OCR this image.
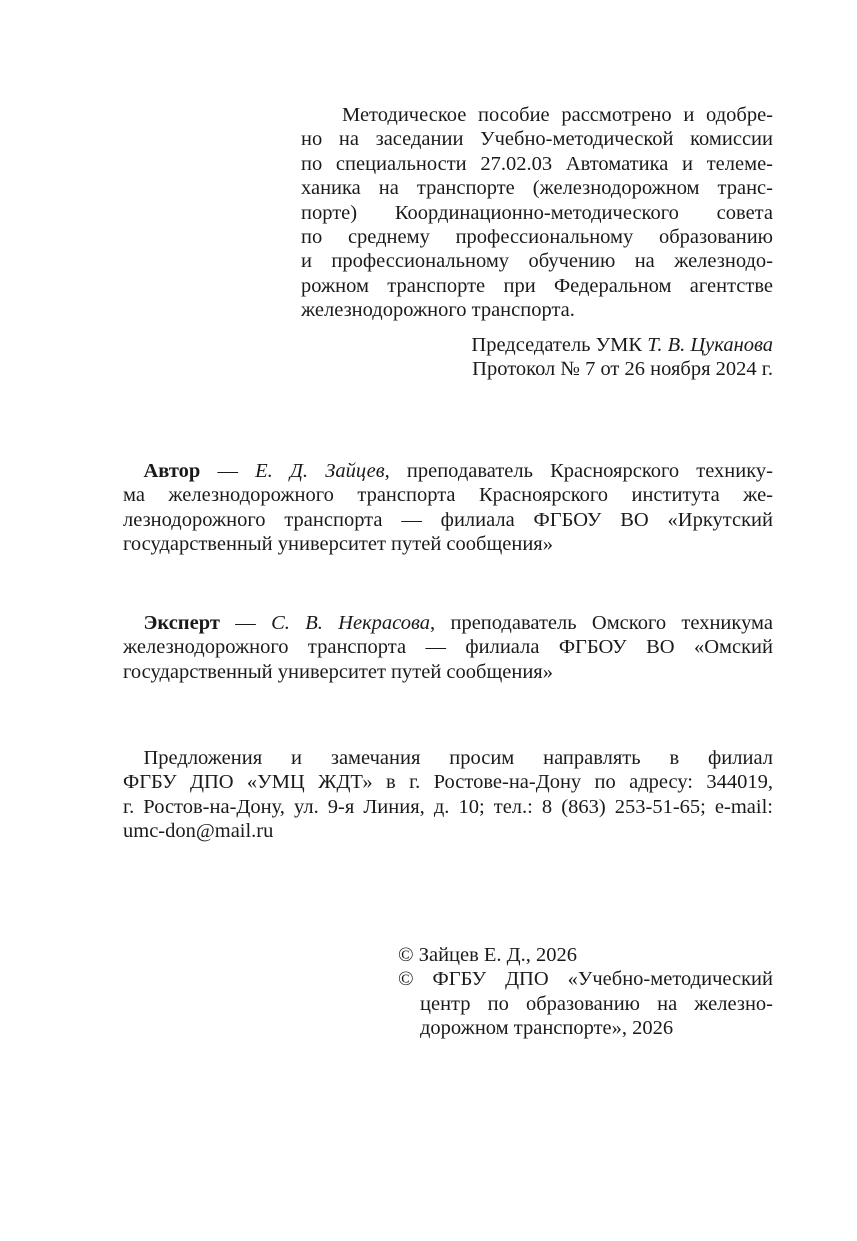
  Методическое пособие рассмотрено и одобре-
но на заседании Учебно-методической комиссии
по специальности 27.02.03 Автоматика и телеме-
ханика на транспорте (железнодорожном транс-
порте) Координационно-методического совета
по среднему профессиональному образованию
и профессиональному обучению на железнодо-
рожном транспорте при Федеральном агентстве
железнодорожного транспорта.
Председатель УМК Т. В. Цуканова
Протокол № 7 от 26 ноября 2024 г.
  Автор — Е. Д. Зайцев, преподаватель Красноярского технику-
ма железнодорожного транспорта Красноярского института же-
лезнодорожного транспорта — филиала ФГБОУ ВО «Иркутский
государственный университет путей сообщения»
  Эксперт — С. В. Некрасова, преподаватель Омского техникума
железнодорожного транспорта — филиала ФГБОУ ВО «Омский
государственный университет путей сообщения»
  Предложения и замечания просим направлять в филиал
ФГБУ ДПО «УМЦ ЖДТ» в г. Ростове-на-Дону по адресу: 344019,
г. Ростов-на-Дону, ул. 9-я Линия, д. 10; тел.: 8 (863) 253-51-65; e-mail:
umc-don@mail.ru
© Зайцев Е. Д., 2026
© ФГБУ ДПО «Учебно-методический
центр по образованию на железно-
дорожном транспорте», 2026
